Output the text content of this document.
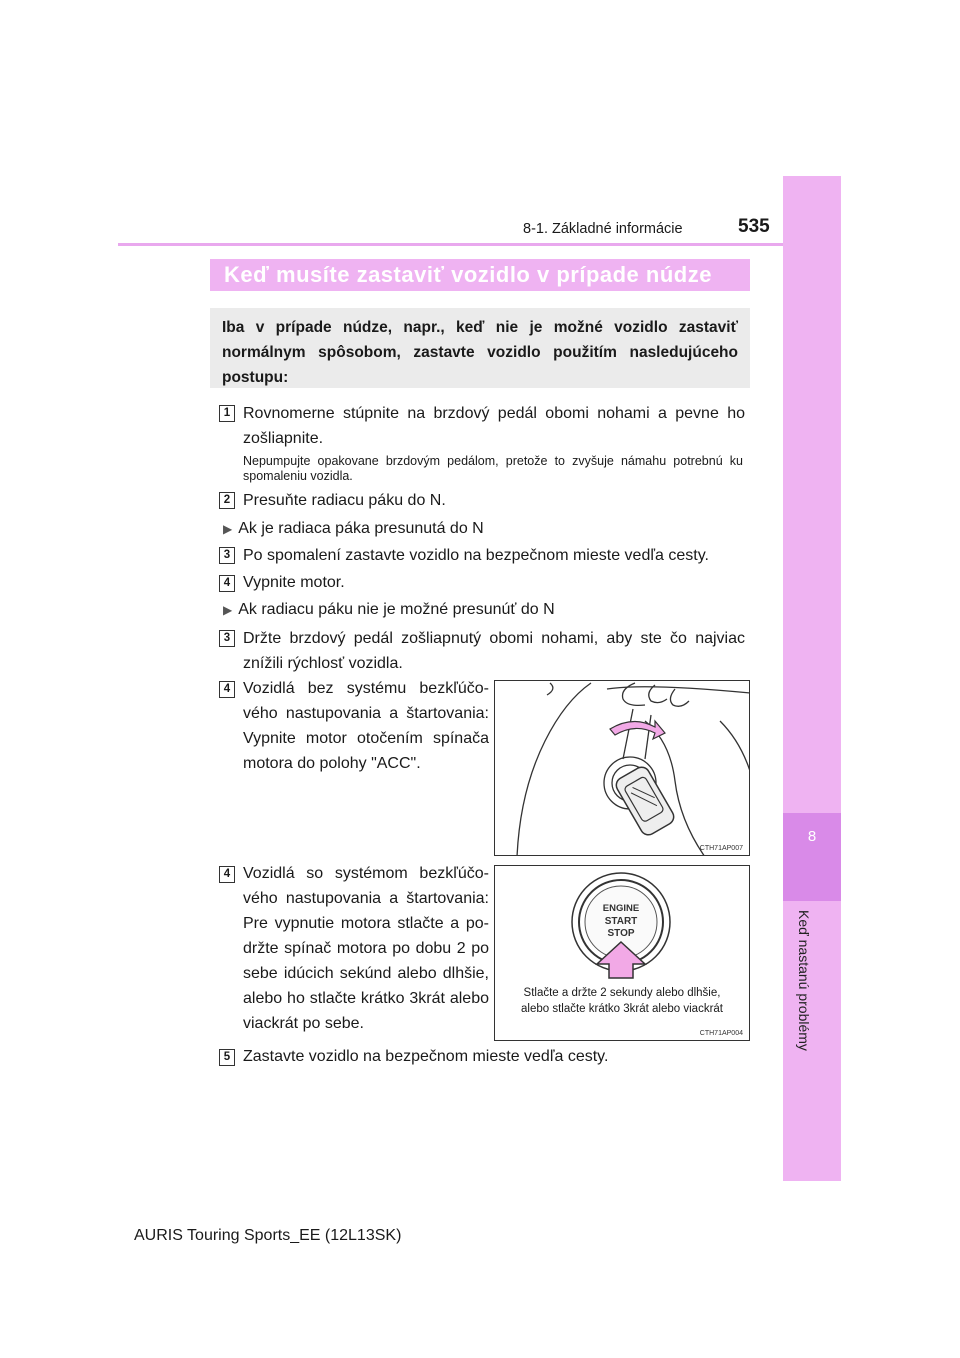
8
Keď nastanú problémy
8-1. Základné informácie	535
Keď musíte zastaviť vozidlo v prípade núdze
Iba v prípade núdze, napr., keď nie je možné vozidlo zastaviť normálnym spôsobom, zastavte vozidlo použitím nasledujúceho postupu:
1 Rovnomerne stúpnite na brzdový pedál obomi nohami a pevne ho zošliapnite.
Nepumpujte opakovane brzdovým pedálom, pretože to zvyšuje námahu potrebnú ku spomaleniu vozidla.
2 Presuňte radiacu páku do N.
▶ Ak je radiaca páka presunutá do N
3 Po spomalení zastavte vozidlo na bezpečnom mieste vedľa cesty.
4 Vypnite motor.
▶ Ak radiacu páku nie je možné presunúť do N
3 Držte brzdový pedál zošliapnutý obomi nohami, aby ste čo najviac znížili rýchlosť vozidla.
4 Vozidlá bez systému bezkľúčo-vého nastupovania a štartovania: Vypnite motor otočením spínača motora do polohy "ACC".
CTH71AP007
4 Vozidlá so systémom bezkľúčo-vého nastupovania a štartovania: Pre vypnutie motora stlačte a po-držte spínač motora po dobu 2 po sebe idúcich sekúnd alebo dlhšie, alebo ho stlačte krátko 3krát alebo viackrát po sebe.
ENGINE
START
STOP
Stlačte a držte 2 sekundy alebo dlhšie,
alebo stlačte krátko 3krát alebo viackrát
CTH71AP004
5 Zastavte vozidlo na bezpečnom mieste vedľa cesty.
AURIS Touring Sports_EE (12L13SK)
